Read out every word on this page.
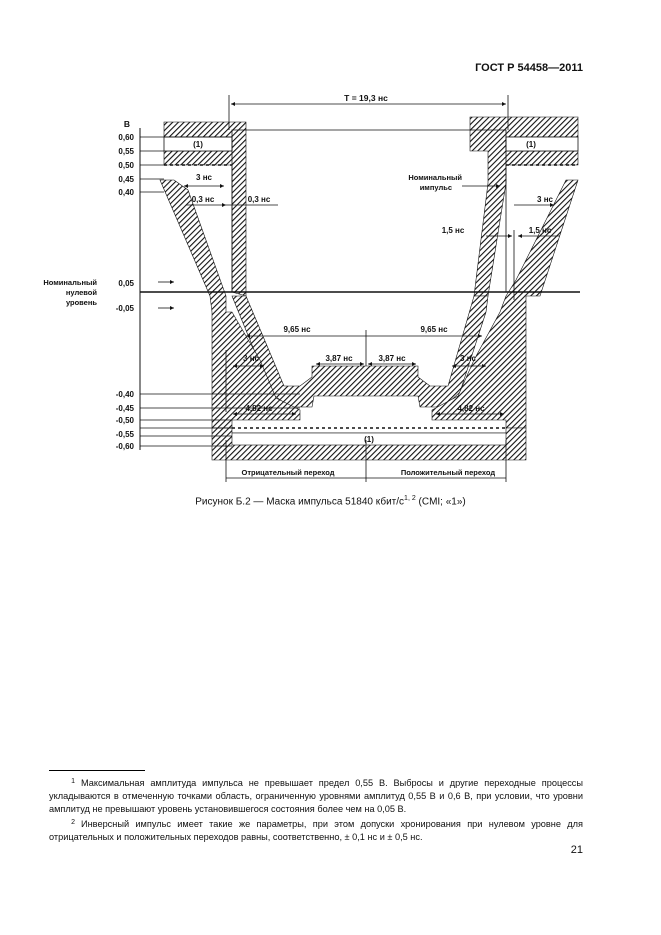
ГОСТ Р 54458—2011
T = 19,3 нс
В
0,60
0,55
0,50
0,45
0,40
0,05
-0,05
-0,40
-0,45
-0,50
-0,55
-0,60
Номинальный
нулевой
уровень
Номинальный
импульс
(1)	(1)
(1)
3 нс
0,3 нс	0,3 нс	3 нс
1,5 нс	1,5 нс
9,65 нс	9,65 нс
3 нс	3,87 нс	3,87 нс	3 нс
4,82 нс	4,82 нс
Отрицательный переход	Положительный переход
Рисунок Б.2 — Маска импульса 51840 кбит/$с^{1, 2}$ (CMI; «1»)
1 Максимальная амплитуда импульса не превышает предел 0,55 В. Выбросы и другие переходные процессы укладываются в отмеченную точками область, ограниченную уровнями амплитуд 0,55 В и 0,6 В, при условии, что уровни амплитуд не превышают уровень установившегося состояния более чем на 0,05 В.
2 Инверсный импульс имеет такие же параметры, при этом допуски хронирования при нулевом уровне для отрицательных и положительных переходов равны, соответственно, ± 0,1 нс и ± 0,5 нс.
21
